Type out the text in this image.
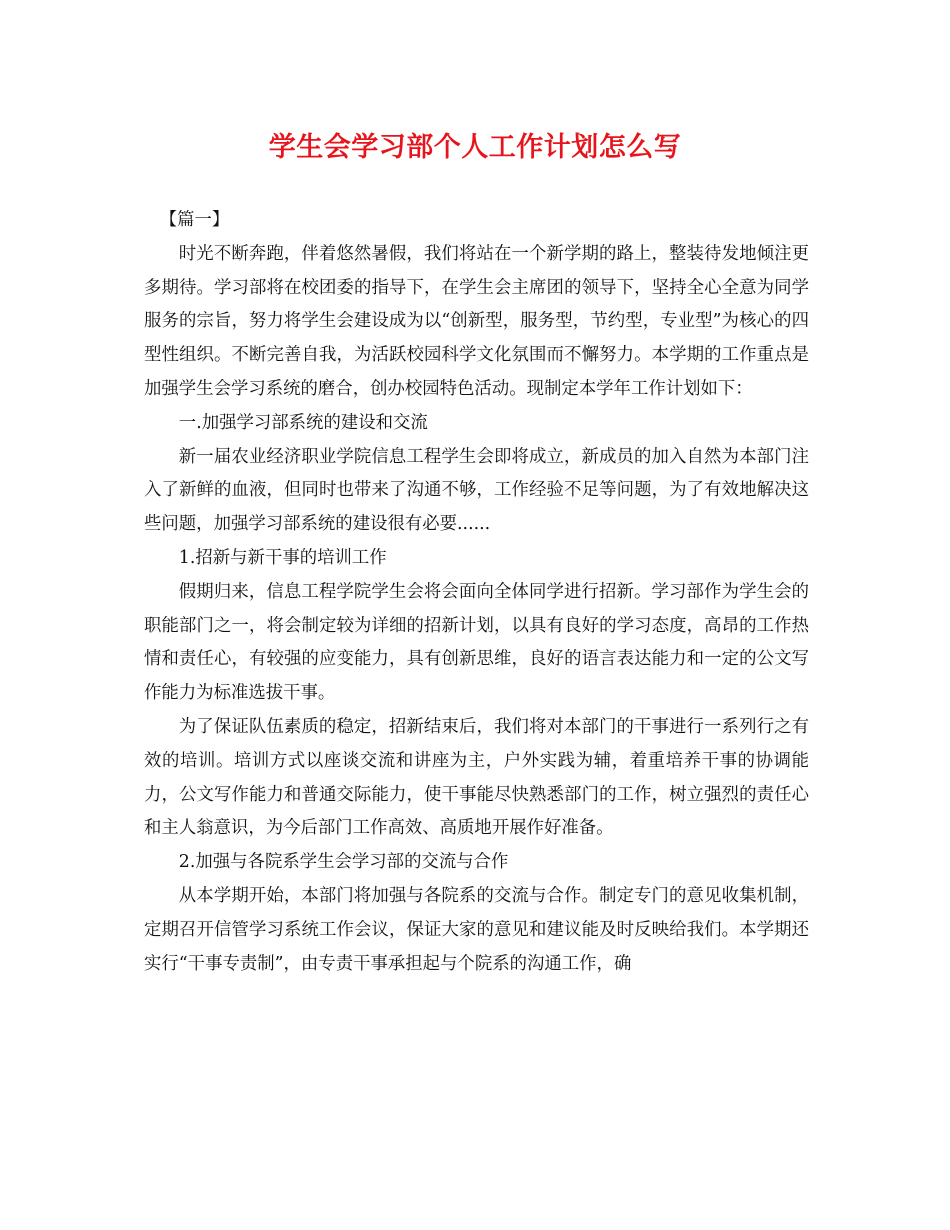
学生会学习部个人工作计划怎么写

【篇一】

时光不断奔跑，伴着悠然暑假，我们将站在一个新学期的路上，整装待发地倾注更多期待。学习部将在校团委的指导下，在学生会主席团的领导下，坚持全心全意为同学服务的宗旨，努力将学生会建设成为以“创新型，服务型，节约型，专业型”为核心的四型性组织。不断完善自我，为活跃校园科学文化氛围而不懈努力。本学期的工作重点是加强学生会学习系统的磨合，创办校园特色活动。现制定本学年工作计划如下：

一.加强学习部系统的建设和交流

新一届农业经济职业学院信息工程学生会即将成立，新成员的加入自然为本部门注入了新鲜的血液，但同时也带来了沟通不够，工作经验不足等问题，为了有效地解决这些问题，加强学习部系统的建设很有必要......

1.招新与新干事的培训工作

假期归来，信息工程学院学生会将会面向全体同学进行招新。学习部作为学生会的职能部门之一，将会制定较为详细的招新计划，以具有良好的学习态度，高昂的工作热情和责任心，有较强的应变能力，具有创新思维，良好的语言表达能力和一定的公文写作能力为标准选拔干事。

为了保证队伍素质的稳定，招新结束后，我们将对本部门的干事进行一系列行之有效的培训。培训方式以座谈交流和讲座为主，户外实践为辅，着重培养干事的协调能力，公文写作能力和普通交际能力，使干事能尽快熟悉部门的工作，树立强烈的责任心和主人翁意识，为今后部门工作高效、高质地开展作好准备。

2.加强与各院系学生会学习部的交流与合作

从本学期开始，本部门将加强与各院系的交流与合作。制定专门的意见收集机制，定期召开信管学习系统工作会议，保证大家的意见和建议能及时反映给我们。本学期还实行“干事专责制”，由专责干事承担起与个院系的沟通工作，确
